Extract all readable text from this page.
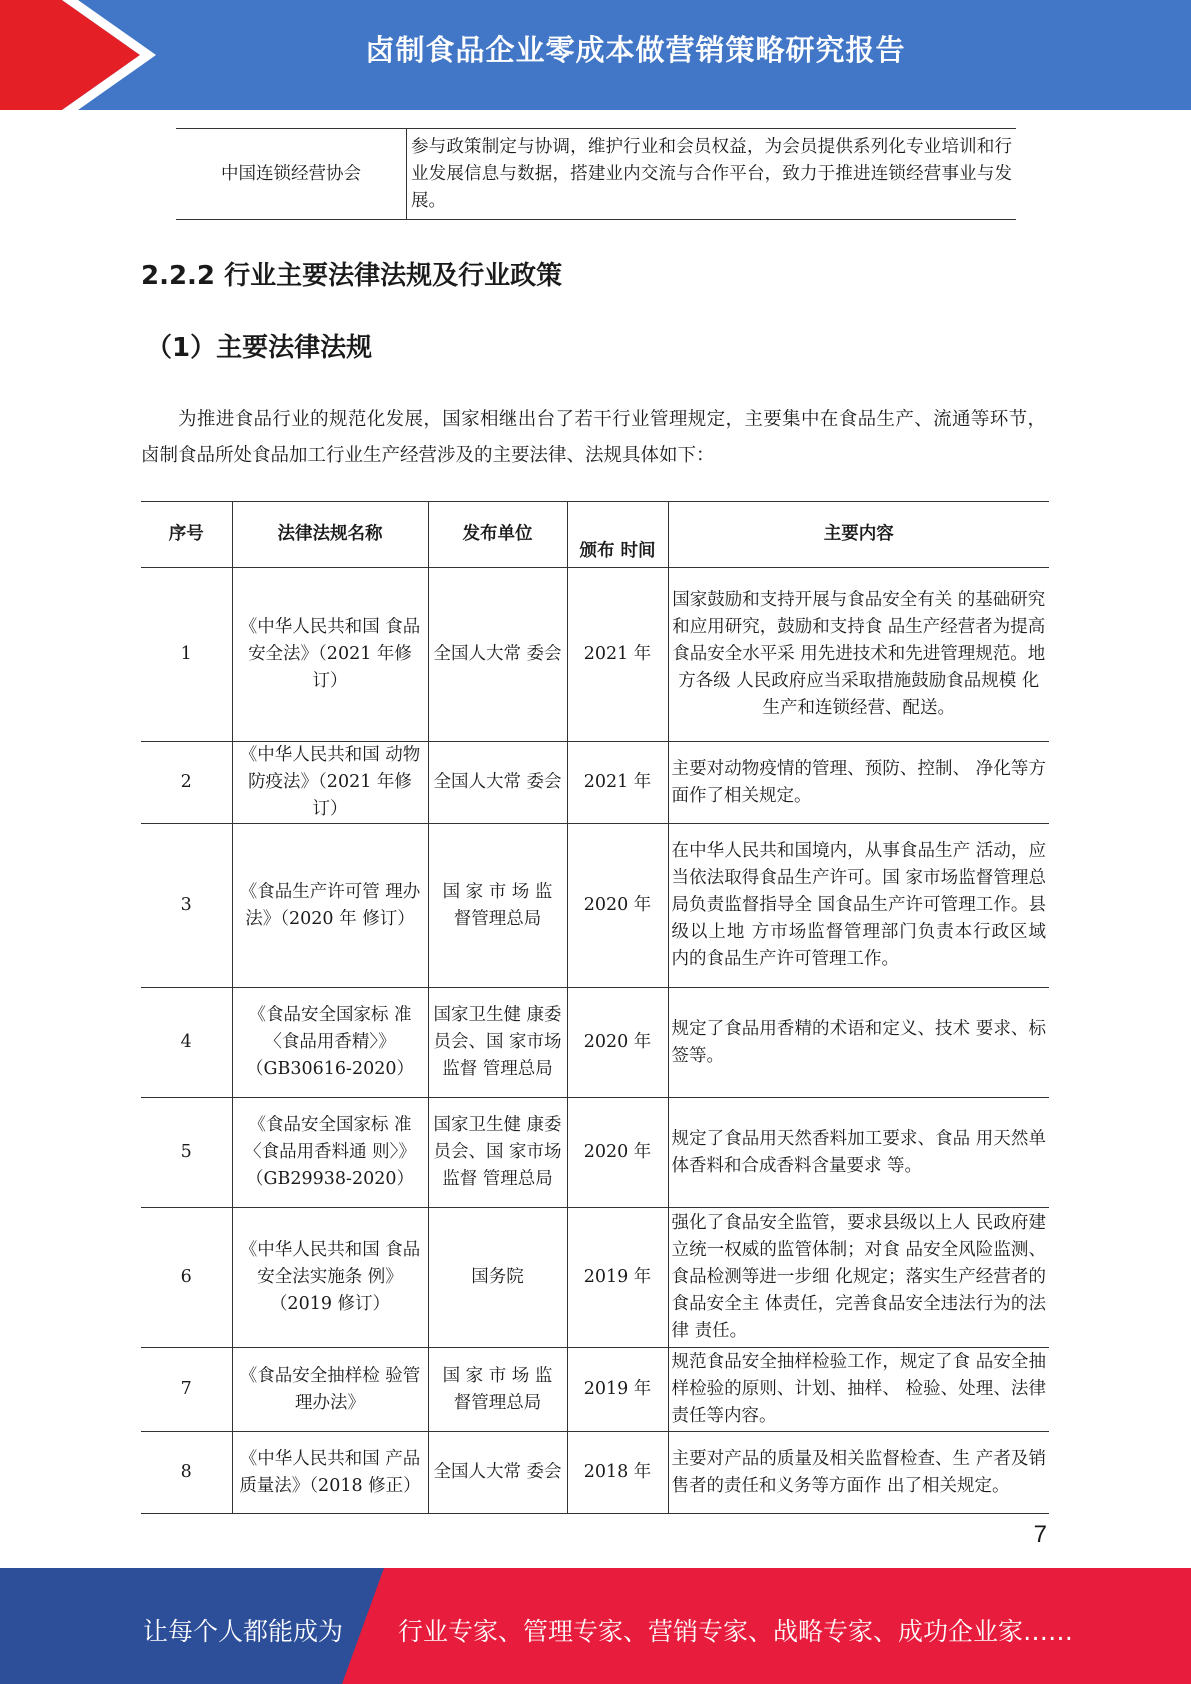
卤制食品企业零成本做营销策略研究报告
中国连锁经营协会	参与政策制定与协调，维护行业和会员权益，为会员提供系列化专业培训和行业发展信息与数据，搭建业内交流与合作平台，致力于推进连锁经营事业与发展。
2.2.2 行业主要法律法规及行业政策
（1）主要法律法规

为推进食品行业的规范化发展，国家相继出台了若干行业管理规定，主要集中在食品生产、流通等环节，卤制食品所处食品加工行业生产经营涉及的主要法律、法规具体如下：

序号	法律法规名称	发布单位	颁布 时间	主要内容
1	《中华人民共和国 食品安全法》（2021 年修订）	全国人大常 委会	2021 年	国家鼓励和支持开展与食品安全有关 的基础研究和应用研究，鼓励和支持食 品生产经营者为提高食品安全水平采 用先进技术和先进管理规范。地方各级 人民政府应当采取措施鼓励食品规模 化生产和连锁经营、配送。
2	《中华人民共和国 动物防疫法》（2021 年修订）	全国人大常 委会	2021 年	主要对动物疫情的管理、预防、控制、 净化等方面作了相关规定。
3	《食品生产许可管 理办法》（2020 年 修订）	国 家 市 场 监 督管理总局	2020 年	在中华人民共和国境内，从事食品生产 活动，应当依法取得食品生产许可。国 家市场监督管理总局负责监督指导全 国食品生产许可管理工作。县级以上地 方市场监督管理部门负责本行政区域 内的食品生产许可管理工作。
4	《食品安全国家标 准〈食品用香精〉》（GB30616-2020）	国家卫生健 康委员会、国 家市场监督 管理总局	2020 年	规定了食品用香精的术语和定义、技术 要求、标签等。
5	《食品安全国家标 准〈食品用香料通 则〉》（GB29938-2020）	国家卫生健 康委员会、国 家市场监督 管理总局	2020 年	规定了食品用天然香料加工要求、食品 用天然单体香料和合成香料含量要求 等。
6	《中华人民共和国 食品安全法实施条 例》（2019 修订）	国务院	2019 年	强化了食品安全监管，要求县级以上人 民政府建立统一权威的监管体制；对食 品安全风险监测、食品检测等进一步细 化规定；落实生产经营者的食品安全主 体责任，完善食品安全违法行为的法律 责任。
7	《食品安全抽样检 验管理办法》	国 家 市 场 监 督管理总局	2019 年	规范食品安全抽样检验工作，规定了食 品安全抽样检验的原则、计划、抽样、 检验、处理、法律责任等内容。
8	《中华人民共和国 产品质量法》（2018 修正）	全国人大常 委会	2018 年	主要对产品的质量及相关监督检查、生 产者及销售者的责任和义务等方面作 出了相关规定。
7
让每个人都能成为 行业专家、管理专家、营销专家、战略专家、成功企业家……
